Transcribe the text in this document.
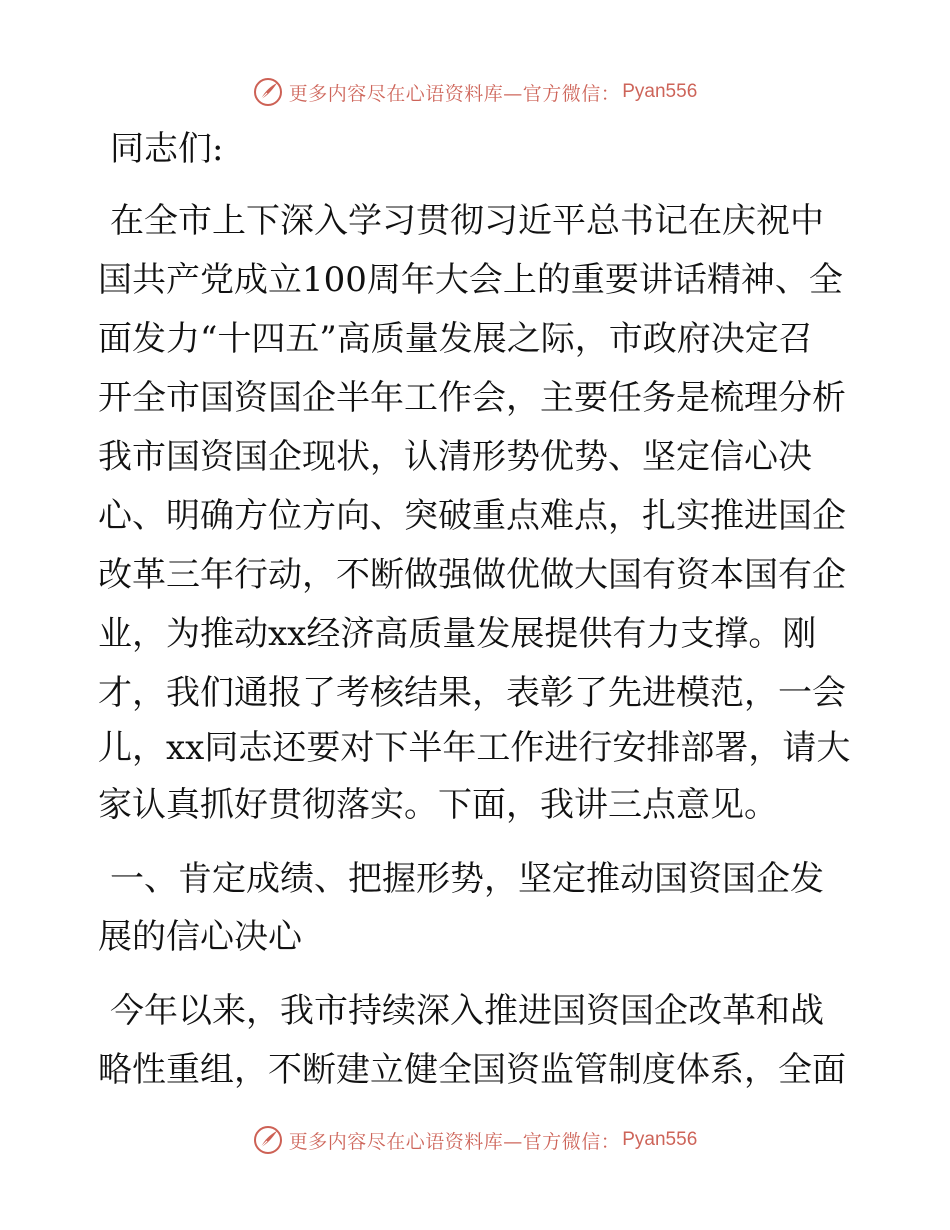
更多内容尽在心语资料库—官方微信： Pyan556
同志们:
在全市上下深入学习贯彻习近平总书记在庆祝中
国共产党成立100周年大会上的重要讲话精神、全
面发力“十四五”高质量发展之际，市政府决定召
开全市国资国企半年工作会，主要任务是梳理分析
我市国资国企现状，认清形势优势、坚定信心决
心、明确方位方向、突破重点难点，扎实推进国企
改革三年行动，不断做强做优做大国有资本国有企
业，为推动xx经济高质量发展提供有力支撑。刚
才，我们通报了考核结果，表彰了先进模范，一会
儿，xx同志还要对下半年工作进行安排部署，请大
家认真抓好贯彻落实。下面，我讲三点意见。
一、肯定成绩、把握形势，坚定推动国资国企发
展的信心决心
今年以来，我市持续深入推进国资国企改革和战
略性重组，不断建立健全国资监管制度体系，全面
更多内容尽在心语资料库—官方微信： Pyan556
